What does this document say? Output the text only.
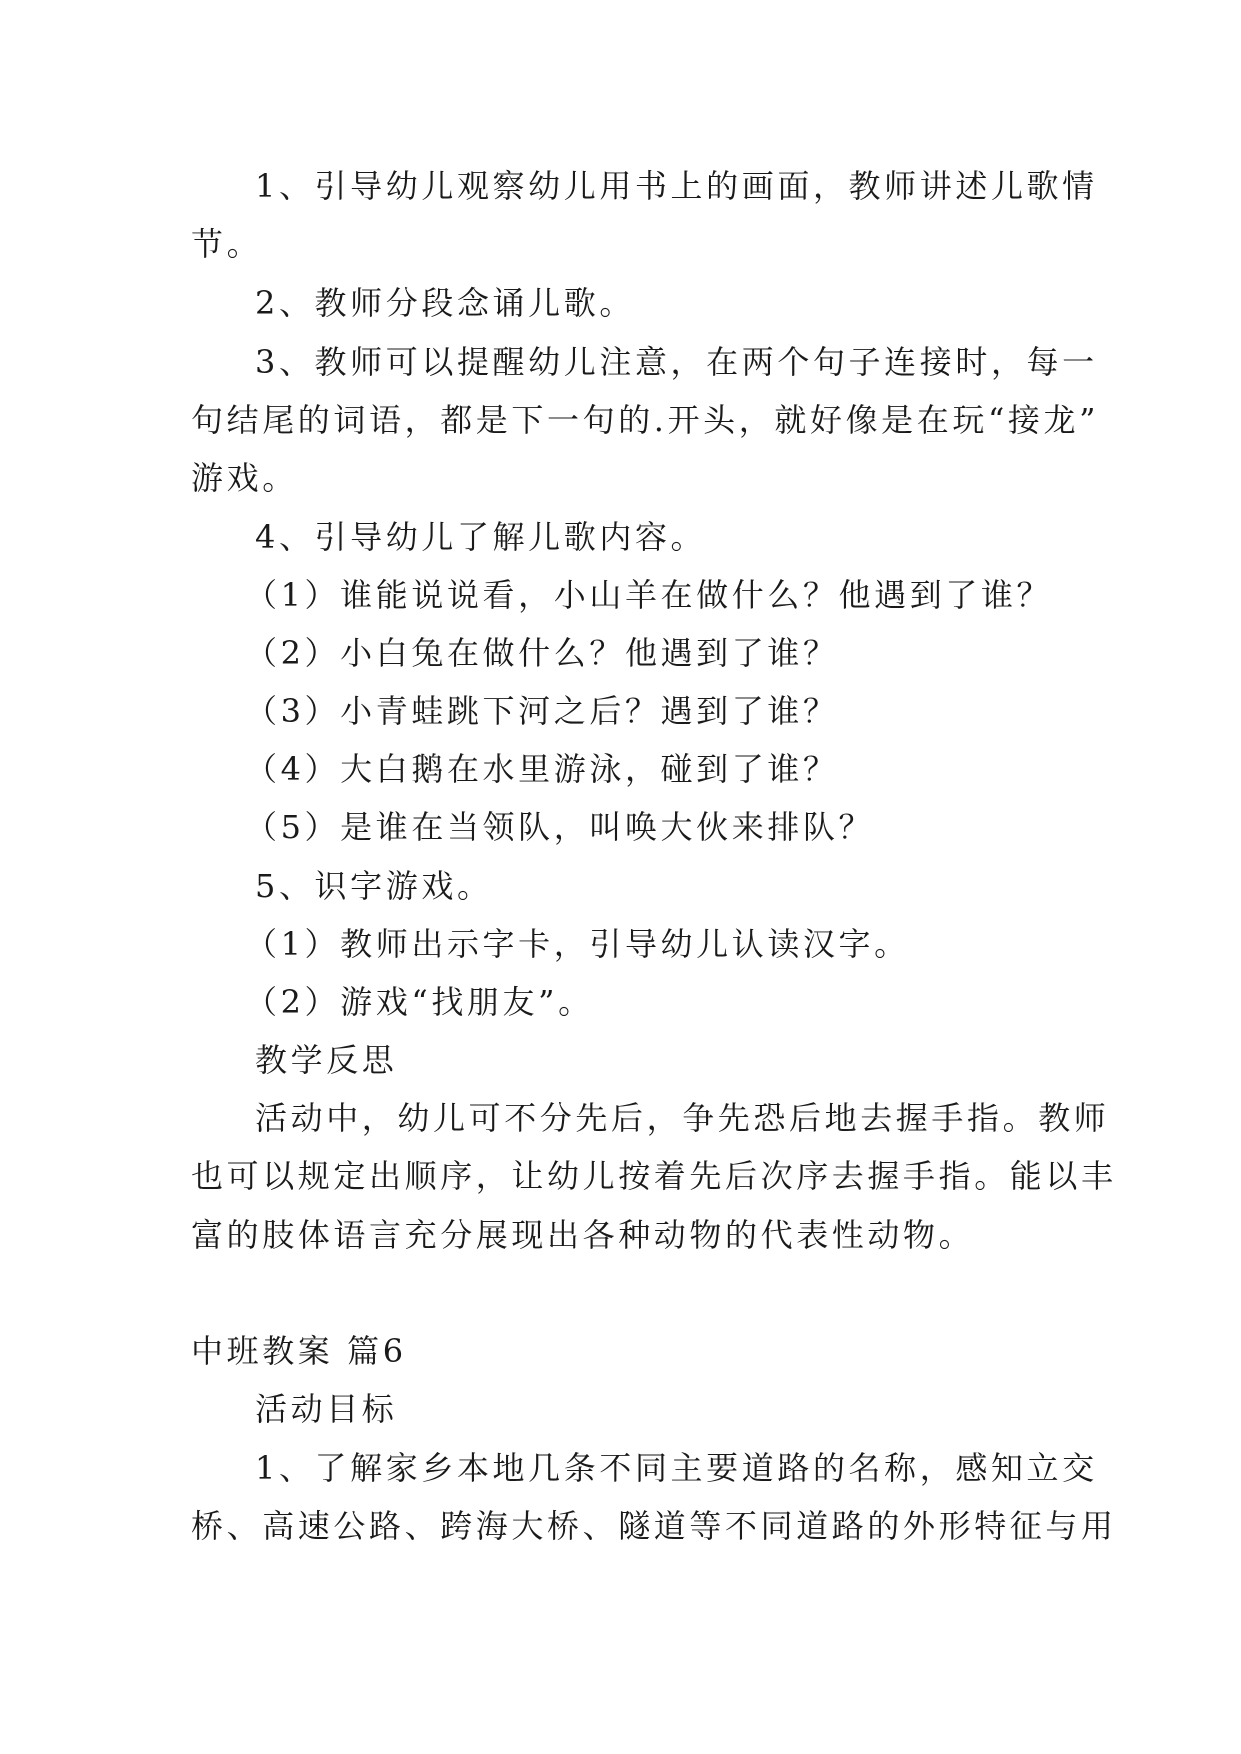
1、引导幼儿观察幼儿用书上的画面，教师讲述儿歌情
节。
2、教师分段念诵儿歌。
3、教师可以提醒幼儿注意，在两个句子连接时，每一
句结尾的词语，都是下一句的.开头，就好像是在玩“接龙”
游戏。
4、引导幼儿了解儿歌内容。
（1）谁能说说看，小山羊在做什么？他遇到了谁？
（2）小白兔在做什么？他遇到了谁？
（3）小青蛙跳下河之后？遇到了谁？
（4）大白鹅在水里游泳，碰到了谁？
（5）是谁在当领队，叫唤大伙来排队？
5、识字游戏。
（1）教师出示字卡，引导幼儿认读汉字。
（2）游戏“找朋友”。
教学反思
活动中，幼儿可不分先后，争先恐后地去握手指。教师
也可以规定出顺序，让幼儿按着先后次序去握手指。能以丰
富的肢体语言充分展现出各种动物的代表性动物。
中班教案 篇6
活动目标
1、了解家乡本地几条不同主要道路的名称，感知立交
桥、高速公路、跨海大桥、隧道等不同道路的外形特征与用
